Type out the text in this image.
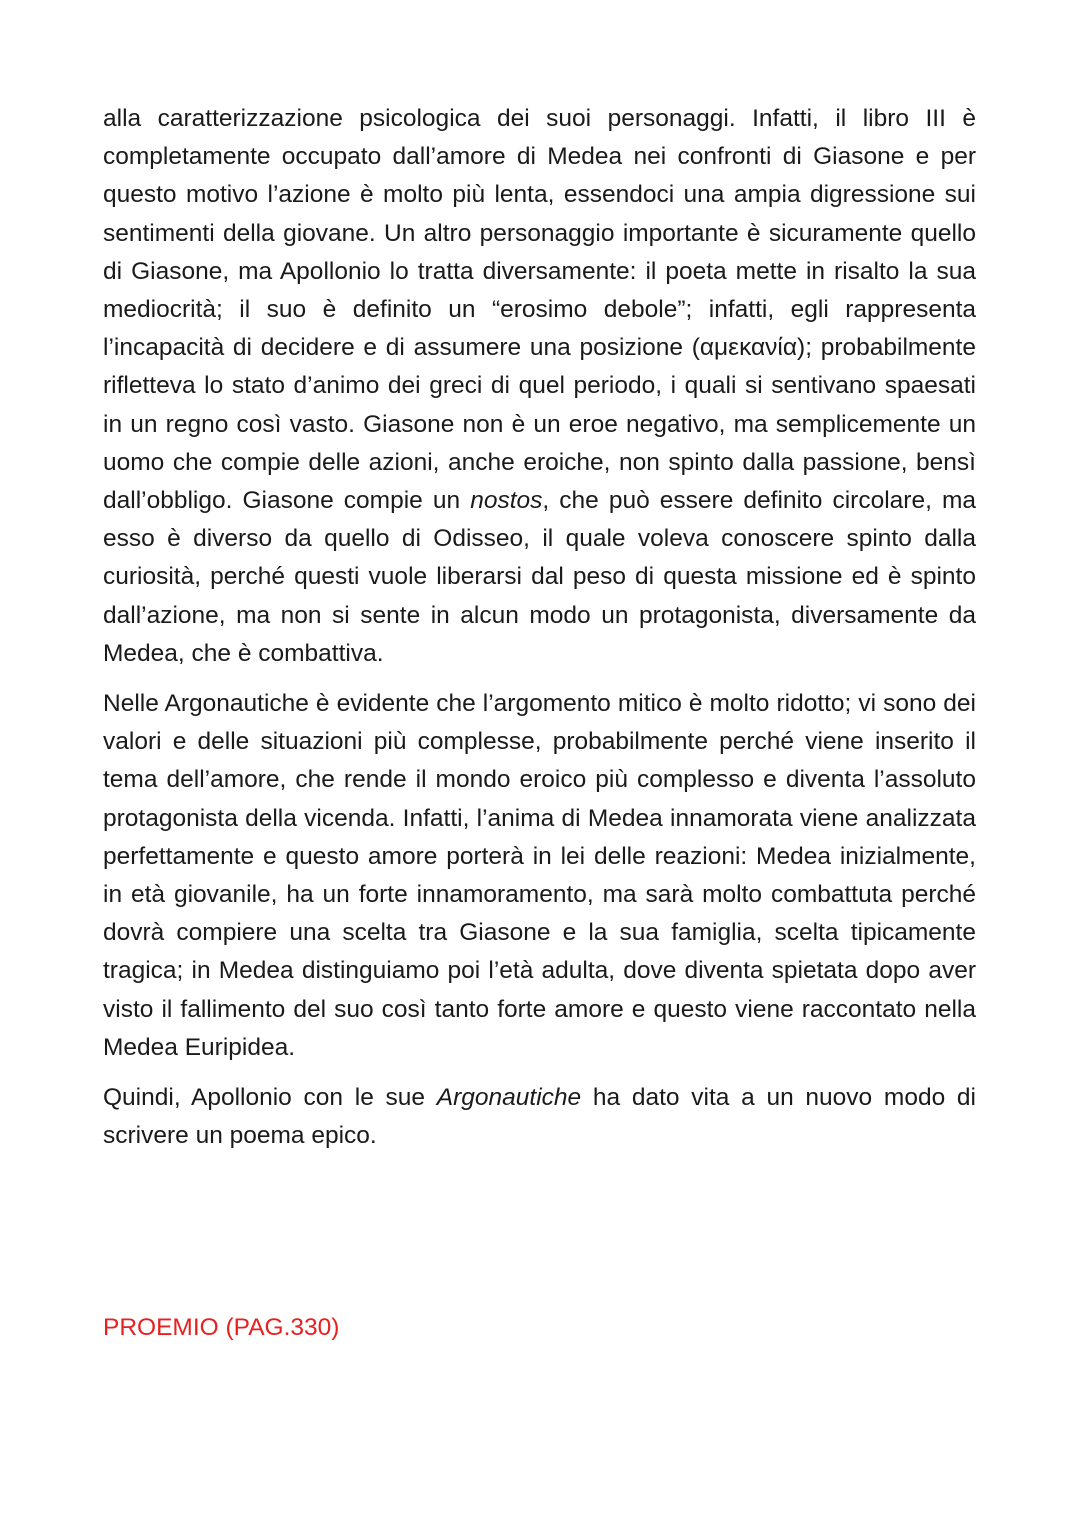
alla caratterizzazione psicologica dei suoi personaggi. Infatti, il libro III è completamente occupato dall’amore di Medea nei confronti di Giasone e per questo motivo l’azione è molto più lenta, essendoci una ampia digressione sui sentimenti della giovane. Un altro personaggio importante è sicuramente quello di Giasone, ma Apollonio lo tratta diversamente: il poeta mette in risalto la sua mediocrità; il suo è definito un “erosimo debole”; infatti, egli rappresenta l’incapacità di decidere e di assumere una posizione (αμεκανία); probabilmente rifletteva lo stato d’animo dei greci di quel periodo, i quali si sentivano spaesati in un regno così vasto. Giasone non è un eroe negativo, ma semplicemente un uomo che compie delle azioni, anche eroiche, non spinto dalla passione, bensì dall’obbligo. Giasone compie un nostos, che può essere definito circolare, ma esso è diverso da quello di Odisseo, il quale voleva conoscere spinto dalla curiosità, perché questi vuole liberarsi dal peso di questa missione ed è spinto dall’azione, ma non si sente in alcun modo un protagonista, diversamente da Medea, che è combattiva.

Nelle Argonautiche è evidente che l’argomento mitico è molto ridotto; vi sono dei valori e delle situazioni più complesse, probabilmente perché viene inserito il tema dell’amore, che rende il mondo eroico più complesso e diventa l’assoluto protagonista della vicenda. Infatti, l’anima di Medea innamorata viene analizzata perfettamente e questo amore porterà in lei delle reazioni: Medea inizialmente, in età giovanile, ha un forte innamoramento, ma sarà molto combattuta perché dovrà compiere una scelta tra Giasone e la sua famiglia, scelta tipicamente tragica; in Medea distinguiamo poi l’età adulta, dove diventa spietata dopo aver visto il fallimento del suo così tanto forte amore e questo viene raccontato nella Medea Euripidea.

Quindi, Apollonio con le sue Argonautiche ha dato vita a un nuovo modo di scrivere un poema epico.

PROEMIO (PAG.330)
